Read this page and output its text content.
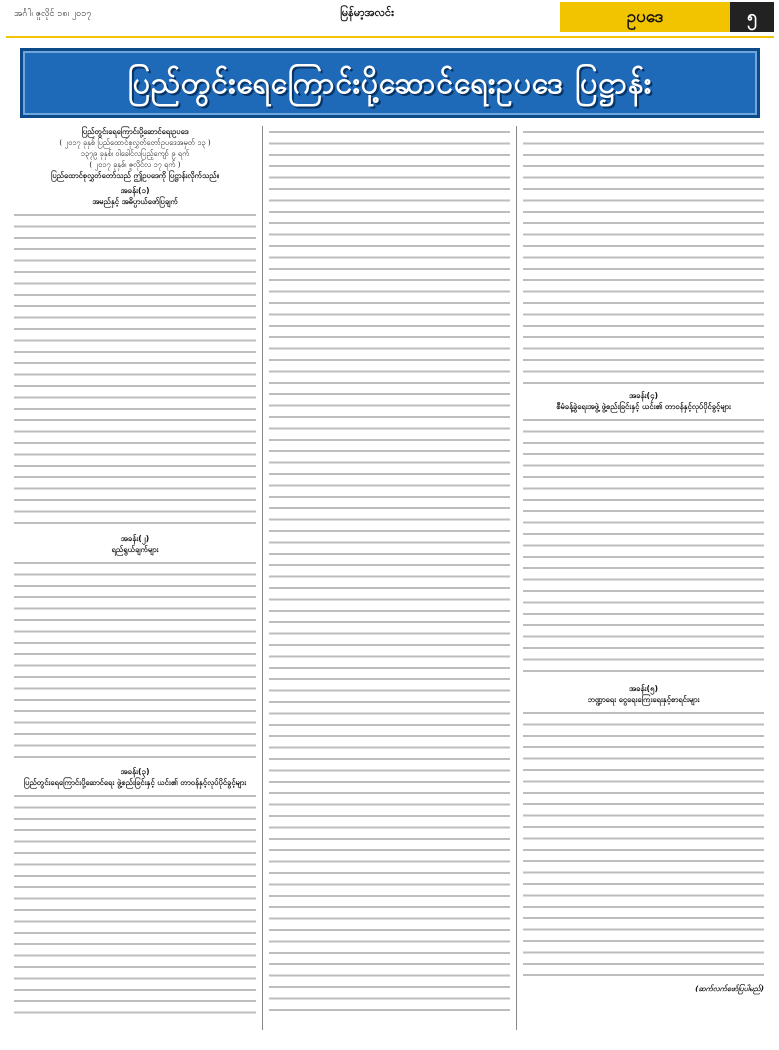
အင်္ဂါ၊ ဇူလိုင် ၁၈၊ ၂၀၁၇	မြန်မာ့အလင်း	ဥပဒေ	၅
ပြည်တွင်းရေကြောင်းပို့ဆောင်ရေးဥပဒေ ပြဋ္ဌာန်း
ပြည်တွင်းရေကြောင်းပို့ဆောင်ရေးဥပဒေ
( ၂၀၁၇ ခုနှစ် ပြည်ထောင်စုလွှတ်တော်ဥပဒေအမှတ် ၁၃ )
၁၃၇၉ ခုနှစ်၊ ဝါခေါင်လပြည့်ကျော် ၉ ရက်
( ၂၀၁၇ ခုနှစ်၊ ဇူလိုင်လ ၁၇ ရက် )
ပြည်ထောင်စုလွှတ်တော်သည် ဤဥပဒေကို ပြဋ္ဌာန်းလိုက်သည်။
အခန်း(၁)
အမည်နှင့် အဓိပ္ပာယ်ဖော်ပြချက်
အခန်း(၂)
ရည်ရွယ်ချက်များ
အခန်း(၃)
ပြည်တွင်းရေကြောင်းပို့ဆောင်ရေး ဖွဲ့စည်းခြင်းနှင့် ယင်း၏ တာဝန်နှင့်လုပ်ပိုင်ခွင့်များ
အခန်း(၄)
စီမံခန့်ခွဲရေးအဖွဲ့ ဖွဲ့စည်းခြင်းနှင့် ယင်း၏ တာဝန်နှင့်လုပ်ပိုင်ခွင့်များ
အခန်း(၅)
ဘဏ္ဍာရေး ငွေရေးကြေးရေးနှင့်စာရင်းများ
(ဆက်လက်ဖော်ပြပါမည်)
